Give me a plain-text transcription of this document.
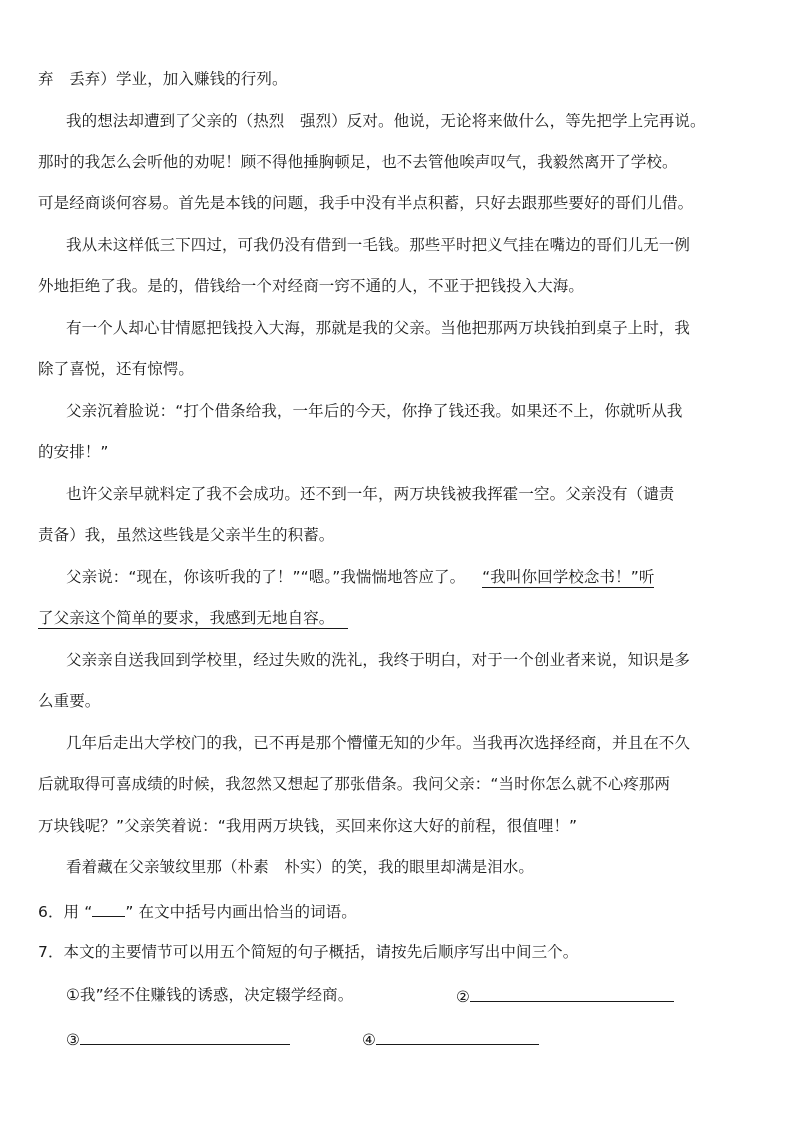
弃　丢弃）学业，加入赚钱的行列。
我的想法却遭到了父亲的（热烈　强烈）反对。他说，无论将来做什么，等先把学上完再说。
那时的我怎么会听他的劝呢！顾不得他捶胸顿足，也不去管他唉声叹气，我毅然离开了学校。
可是经商谈何容易。首先是本钱的问题，我手中没有半点积蓄，只好去跟那些要好的哥们儿借。
我从未这样低三下四过，可我仍没有借到一毛钱。那些平时把义气挂在嘴边的哥们儿无一例
外地拒绝了我。是的，借钱给一个对经商一窍不通的人，不亚于把钱投入大海。
有一个人却心甘情愿把钱投入大海，那就是我的父亲。当他把那两万块钱拍到桌子上时，我
除了喜悦，还有惊愕。
父亲沉着脸说：“打个借条给我，一年后的今天，你挣了钱还我。如果还不上，你就听从我
的安排！”
也许父亲早就料定了我不会成功。还不到一年，两万块钱被我挥霍一空。父亲没有（谴责
责备）我，虽然这些钱是父亲半生的积蓄。
父亲说：“现在，你该听我的了！”“嗯。”我惴惴地答应了。 “我叫你回学校念书！”听
了父亲这个简单的要求，我感到无地自容。
父亲亲自送我回到学校里，经过失败的洗礼，我终于明白，对于一个创业者来说，知识是多
么重要。
几年后走出大学校门的我，已不再是那个懵懂无知的少年。当我再次选择经商，并且在不久
后就取得可喜成绩的时候，我忽然又想起了那张借条。我问父亲：“当时你怎么就不心疼那两
万块钱呢？”父亲笑着说：“我用两万块钱，买回来你这大好的前程，很值哩！”
看着藏在父亲皱纹里那（朴素　朴实）的笑，我的眼里却满是泪水。
6．用 “ ” 在文中括号内画出恰当的词语。
7．本文的主要情节可以用五个简短的句子概括，请按先后顺序写出中间三个。
①我”经不住赚钱的诱惑，决定辍学经商。	②
③	④
